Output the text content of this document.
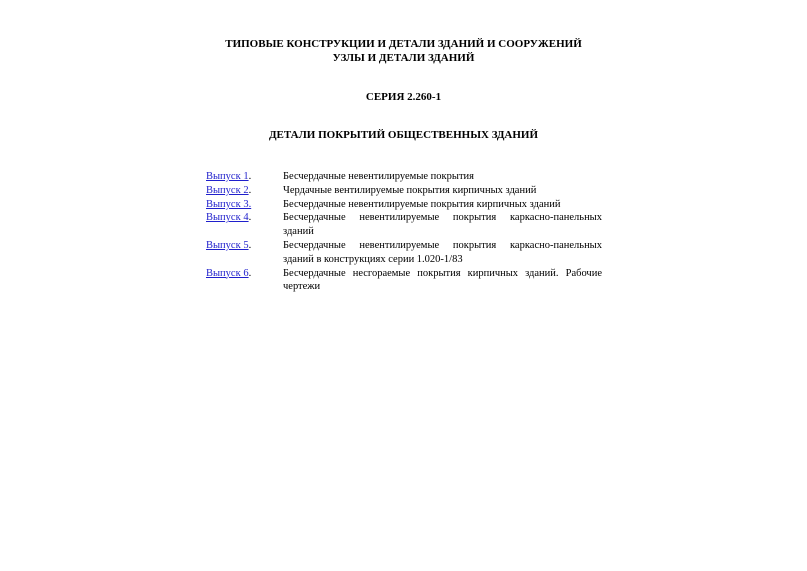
ТИПОВЫЕ КОНСТРУКЦИИ И ДЕТАЛИ ЗДАНИЙ И СООРУЖЕНИЙ

УЗЛЫ И ДЕТАЛИ ЗДАНИЙ

СЕРИЯ 2.260-1

ДЕТАЛИ ПОКРЫТИЙ ОБЩЕСТВЕННЫХ ЗДАНИЙ

Выпуск 1.	Бесчердачные невентилируемые покрытия
Выпуск 2.	Чердачные вентилируемые покрытия кирпичных зданий
Выпуск 3.	Бесчердачные невентилируемые покрытия кирпичных зданий
Выпуск 4.	Бесчердачные невентилируемые покрытия каркасно-панельных зданий
Выпуск 5.	Бесчердачные невентилируемые покрытия каркасно-панельных зданий в конструкциях серии 1.020-1/83
Выпуск 6.	Бесчердачные несгораемые покрытия кирпичных зданий. Рабочие чертежи
